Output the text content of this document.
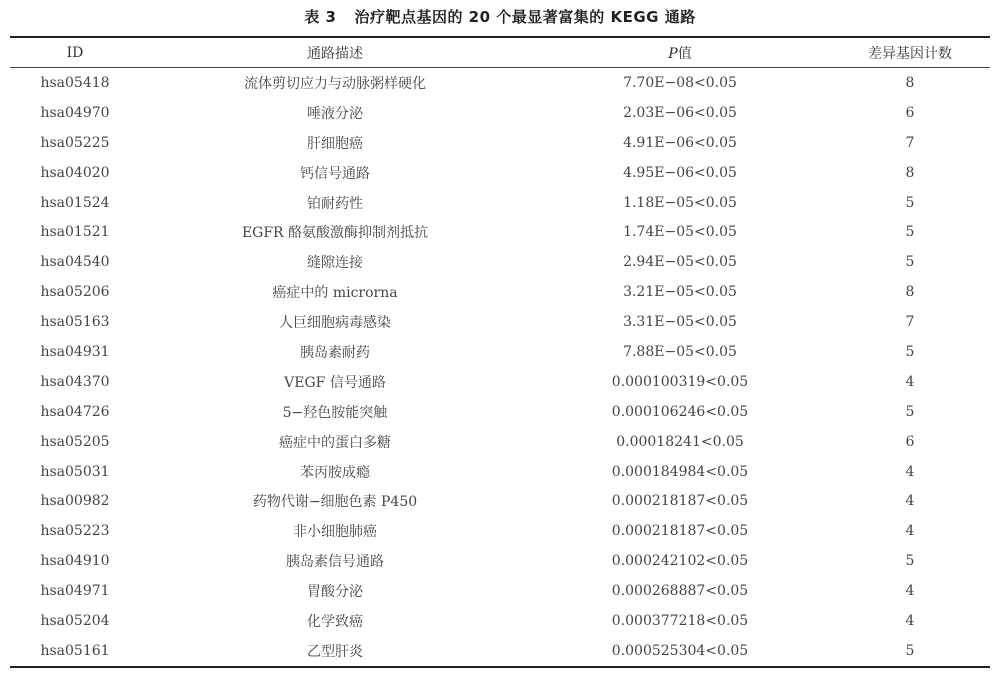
表 3 治疗靶点基因的 20 个最显著富集的 KEGG 通路
ID	通路描述	P值	差异基因计数
hsa05418	流体剪切应力与动脉粥样硬化	7.70E−08<0.05	8
hsa04970	唾液分泌	2.03E−06<0.05	6
hsa05225	肝细胞癌	4.91E−06<0.05	7
hsa04020	钙信号通路	4.95E−06<0.05	8
hsa01524	铂耐药性	1.18E−05<0.05	5
hsa01521	EGFR 酪氨酸激酶抑制剂抵抗	1.74E−05<0.05	5
hsa04540	缝隙连接	2.94E−05<0.05	5
hsa05206	癌症中的 microrna	3.21E−05<0.05	8
hsa05163	人巨细胞病毒感染	3.31E−05<0.05	7
hsa04931	胰岛素耐药	7.88E−05<0.05	5
hsa04370	VEGF 信号通路	0.000100319<0.05	4
hsa04726	5−羟色胺能突触	0.000106246<0.05	5
hsa05205	癌症中的蛋白多糖	0.00018241<0.05	6
hsa05031	苯丙胺成瘾	0.000184984<0.05	4
hsa00982	药物代谢−细胞色素 P450	0.000218187<0.05	4
hsa05223	非小细胞肺癌	0.000218187<0.05	4
hsa04910	胰岛素信号通路	0.000242102<0.05	5
hsa04971	胃酸分泌	0.000268887<0.05	4
hsa05204	化学致癌	0.000377218<0.05	4
hsa05161	乙型肝炎	0.000525304<0.05	5
